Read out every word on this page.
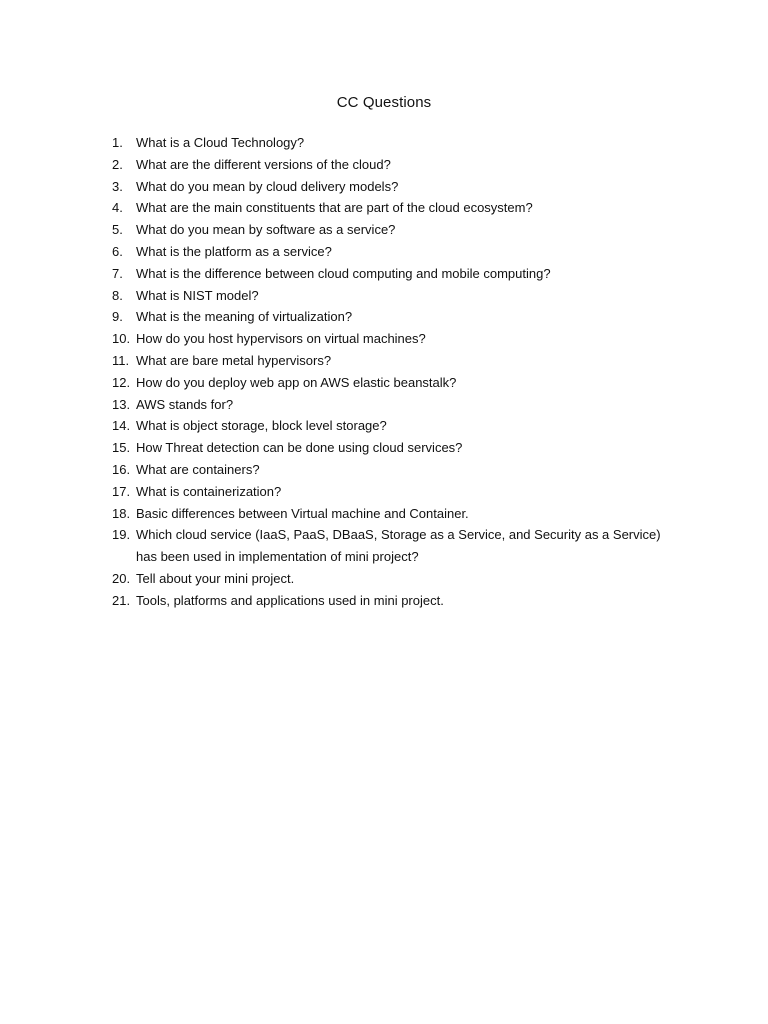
CC Questions
1.	What is a Cloud Technology?
2.	What are the different versions of the cloud?
3.	What do you mean by cloud delivery models?
4.	What are the main constituents that are part of the cloud ecosystem?
5.	What do you mean by software as a service?
6.	What is the platform as a service?
7.	What is the difference between cloud computing and mobile computing?
8.	What is NIST model?
9.	What is the meaning of virtualization?
10. How do you host hypervisors on virtual machines?
11. What are bare metal hypervisors?
12. How do you deploy web app on AWS elastic beanstalk?
13. AWS stands for?
14. What is object storage, block level storage?
15. How Threat detection can be done using cloud services?
16. What are containers?
17. What is containerization?
18. Basic differences between Virtual machine and Container.
19. Which cloud service (IaaS, PaaS, DBaaS, Storage as a Service, and Security as a Service) has been used in implementation of mini project?
20. Tell about your mini project.
21. Tools, platforms and applications used in mini project.
